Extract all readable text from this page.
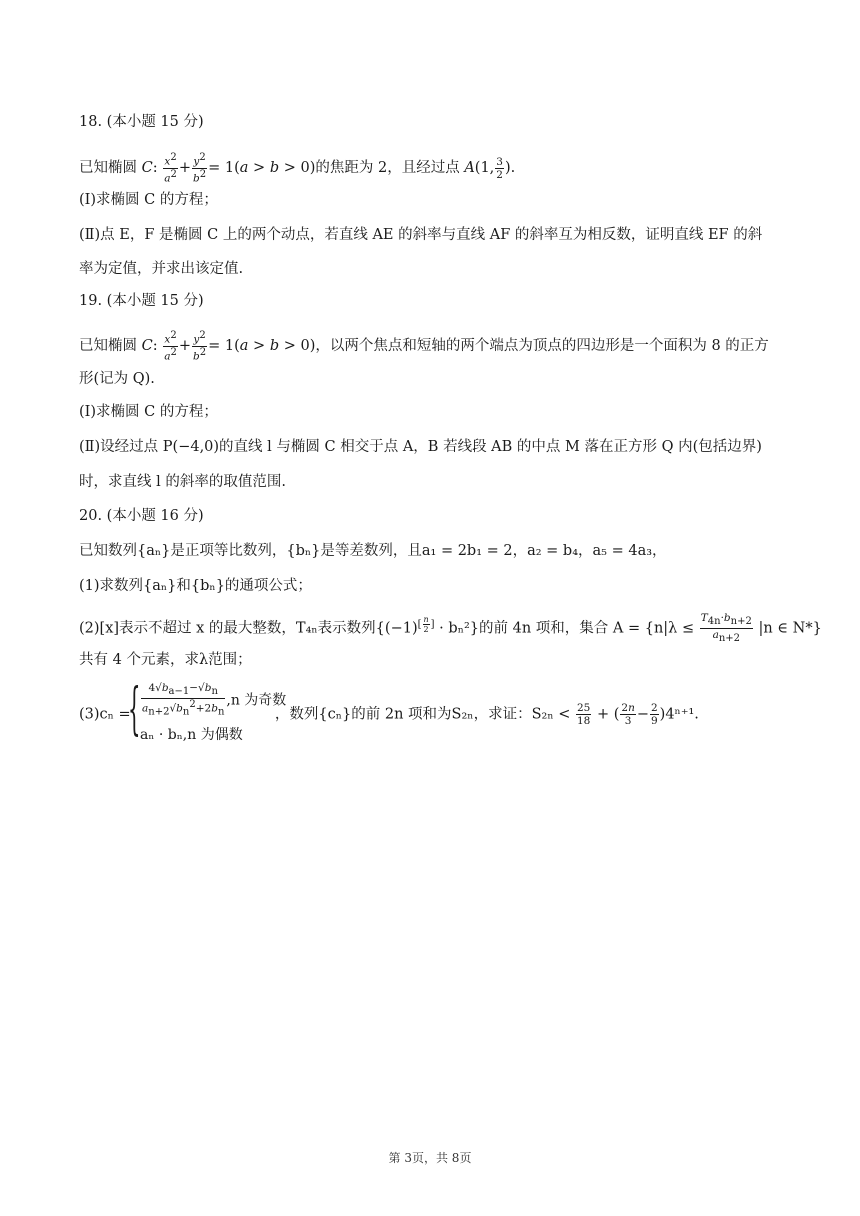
18. (本小题 15 分)
已知椭圆 C: $\frac{x^2}{a^2} + \frac{y^2}{b^2} = 1(a > b > 0)$的焦距为 2，且经过点 A(1, $\frac{3}{2}$ ).
(Ⅰ)求椭圆 C 的方程；
(Ⅱ)点 E，F 是椭圆 C 上的两个动点，若直线 AE 的斜率与直线 AF 的斜率互为相反数，证明直线 EF 的斜
率为定值，并求出该定值.
19. (本小题 15 分)
已知椭圆 C: $\frac{x^2}{a^2} + \frac{y^2}{b^2} = 1(a > b > 0)$，以两个焦点和短轴的两个端点为顶点的四边形是一个面积为 8 的正方
形(记为 Q).
(Ⅰ)求椭圆 C 的方程；
(Ⅱ)设经过点 P(−4,0)的直线 l 与椭圆 C 相交于点 A，B 若线段 AB 的中点 M 落在正方形 Q 内(包括边界)
时，求直线 l 的斜率的取值范围.
20. (本小题 16 分)
已知数列{aₙ}是正项等比数列，{bₙ}是等差数列，且a₁ = 2b₁ = 2，a₂ = b₄，a₅ = 4a₃，
(1)求数列{aₙ}和{bₙ}的通项公式；
(2)[x]表示不超过 x 的最大整数，T₄ₙ表示数列{(−1)[ n
2 ] · bₙ²}的前 4n 项和，集合 $A = \{n|\lambda \le \frac{T_{4n}\cdot b_{n+2}}{a_{n+2}} |n$ ∈ N*}
共有 4 个元素，求λ范围；
(3)cₙ =	，数列{cₙ}的前 2n 项和为S₂ₙ，求证：$S_{2n} < \frac{25}{18}$ + ( $\frac{2n}{3} - \frac{2}{9} )4^{n+1}$.
{ $\frac{4√b_{a-1}-√b_n}{a_{n+2}√b_n^2+2b_n} ,n$ 为奇数
aₙ · bₙ,n 为偶数
第 3页，共 8页
